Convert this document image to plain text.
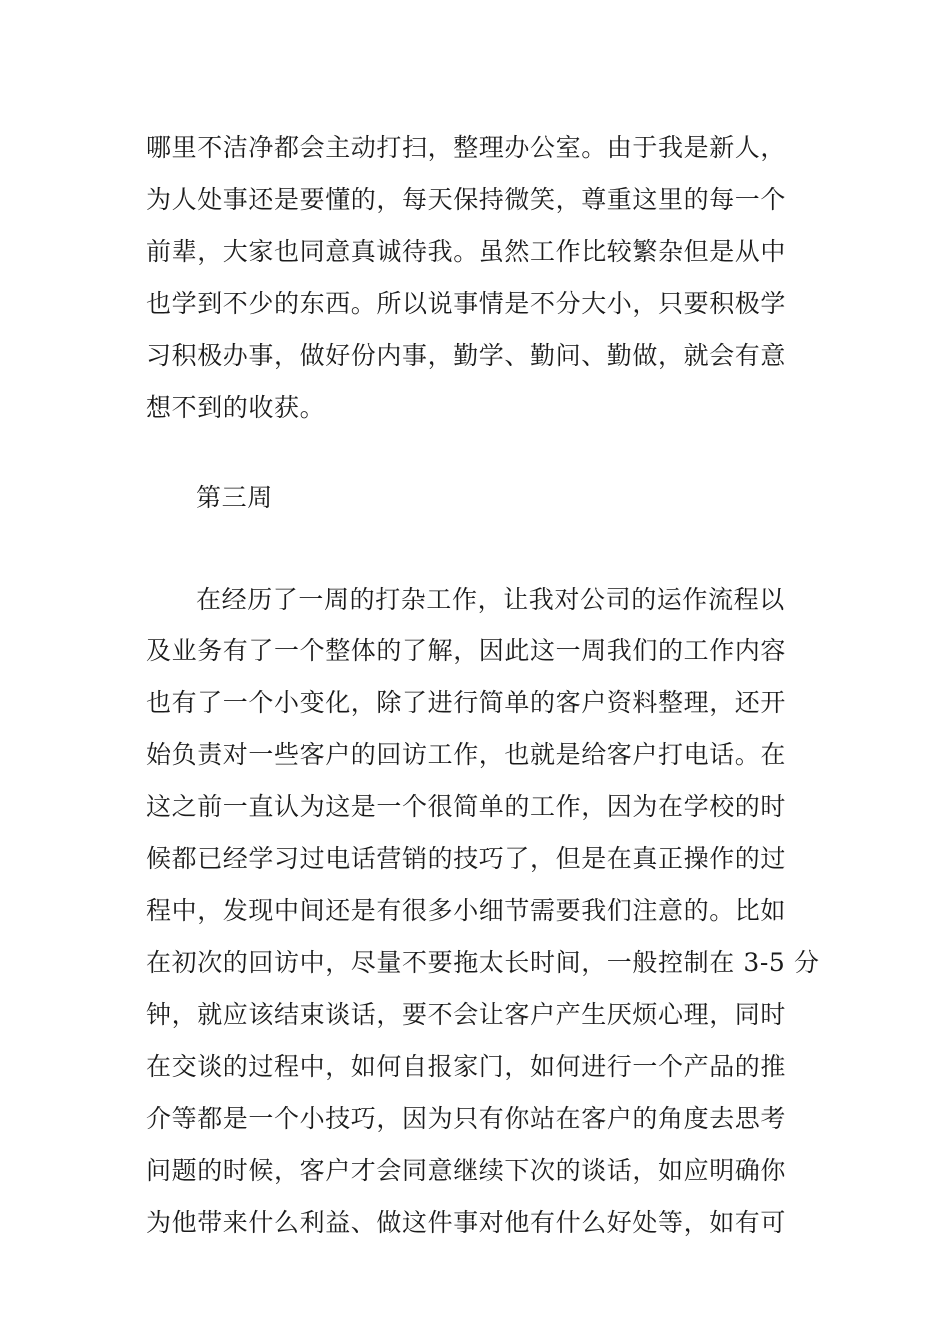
哪里不洁净都会主动打扫，整理办公室。由于我是新人，
为人处事还是要懂的，每天保持微笑，尊重这里的每一个
前辈，大家也同意真诚待我。虽然工作比较繁杂但是从中
也学到不少的东西。所以说事情是不分大小，只要积极学
习积极办事，做好份内事，勤学、勤问、勤做，就会有意
想不到的收获。
第三周
在经历了一周的打杂工作，让我对公司的运作流程以
及业务有了一个整体的了解，因此这一周我们的工作内容
也有了一个小变化，除了进行简单的客户资料整理，还开
始负责对一些客户的回访工作，也就是给客户打电话。在
这之前一直认为这是一个很简单的工作，因为在学校的时
候都已经学习过电话营销的技巧了，但是在真正操作的过
程中，发现中间还是有很多小细节需要我们注意的。比如
在初次的回访中，尽量不要拖太长时间，一般控制在 3-5 分
钟，就应该结束谈话，要不会让客户产生厌烦心理，同时
在交谈的过程中，如何自报家门，如何进行一个产品的推
介等都是一个小技巧，因为只有你站在客户的角度去思考
问题的时候，客户才会同意继续下次的谈话，如应明确你
为他带来什么利益、做这件事对他有什么好处等，如有可
